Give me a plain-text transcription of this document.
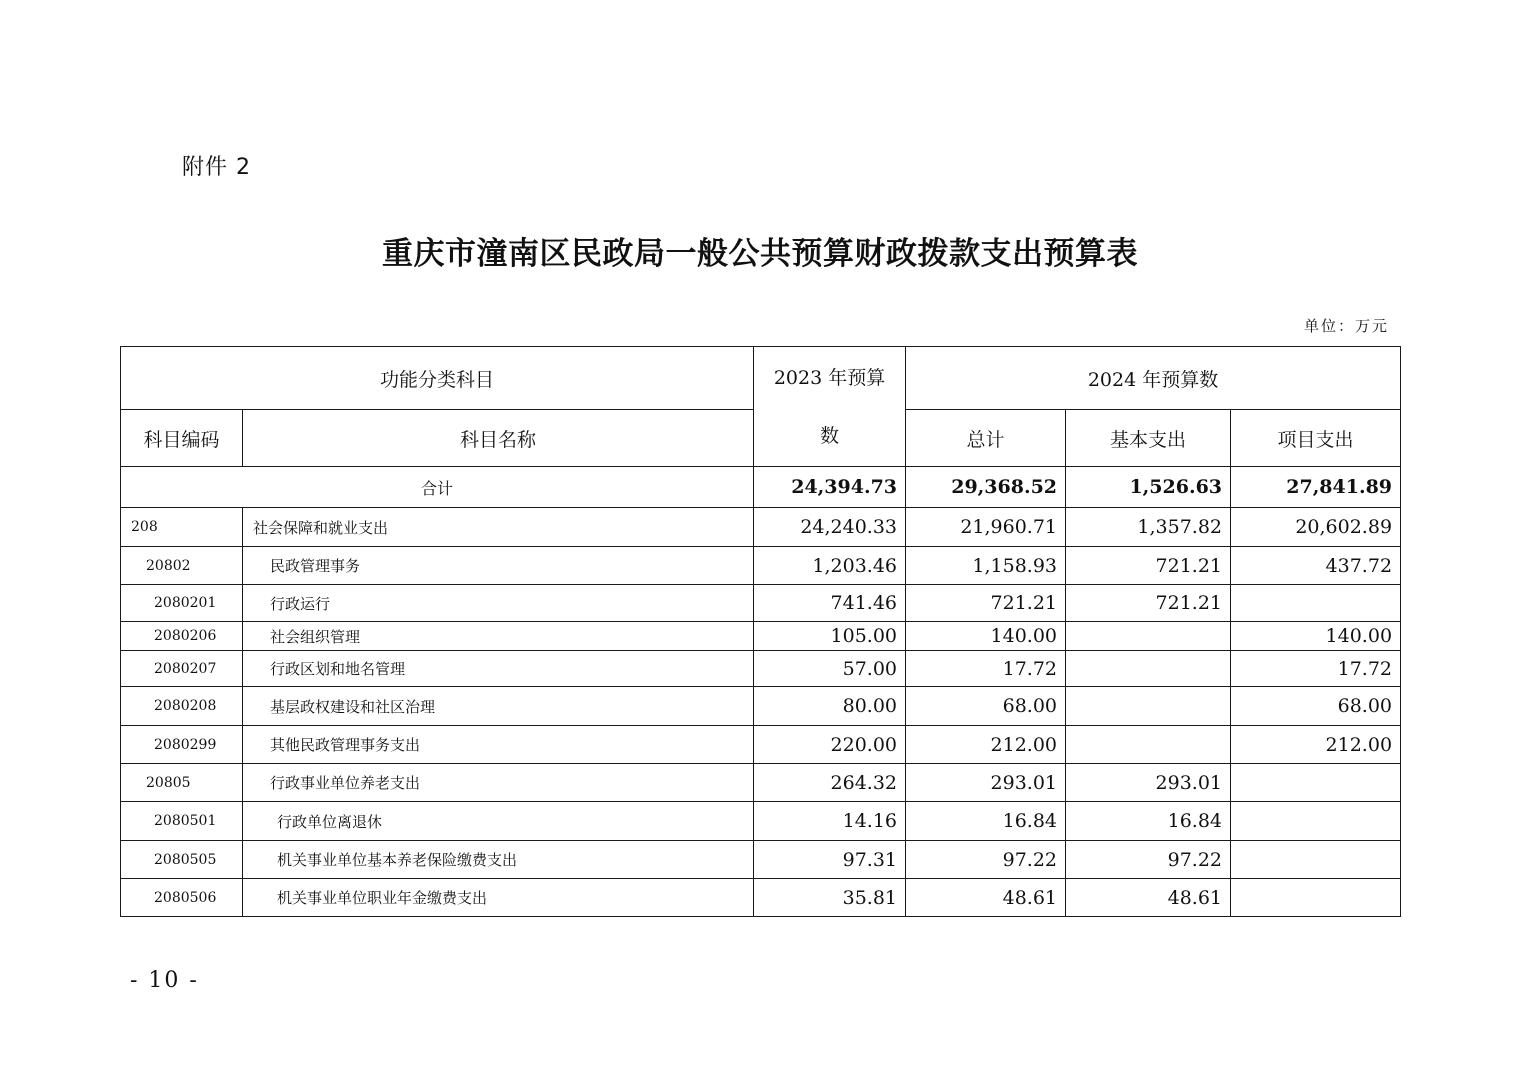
附件 2
重庆市潼南区民政局一般公共预算财政拨款支出预算表
单位：万元
功能分类科目		2023 年预算数	2024 年预算数		
科目编码	科目名称		总计	基本支出	项目支出
合计		24,394.73	29,368.52	1,526.63	27,841.89
208	社会保障和就业支出	24,240.33	21,960.71	1,357.82	20,602.89
20802	民政管理事务	1,203.46	1,158.93	721.21	437.72
2080201	行政运行	741.46	721.21	721.21	
2080206	社会组织管理	105.00	140.00		140.00
2080207	行政区划和地名管理	57.00	17.72		17.72
2080208	基层政权建设和社区治理	80.00	68.00		68.00
2080299	其他民政管理事务支出	220.00	212.00		212.00
20805	行政事业单位养老支出	264.32	293.01	293.01	
2080501	行政单位离退休	14.16	16.84	16.84	
2080505	机关事业单位基本养老保险缴费支出	97.31	97.22	97.22	
2080506	机关事业单位职业年金缴费支出	35.81	48.61	48.61	
- 10 -
